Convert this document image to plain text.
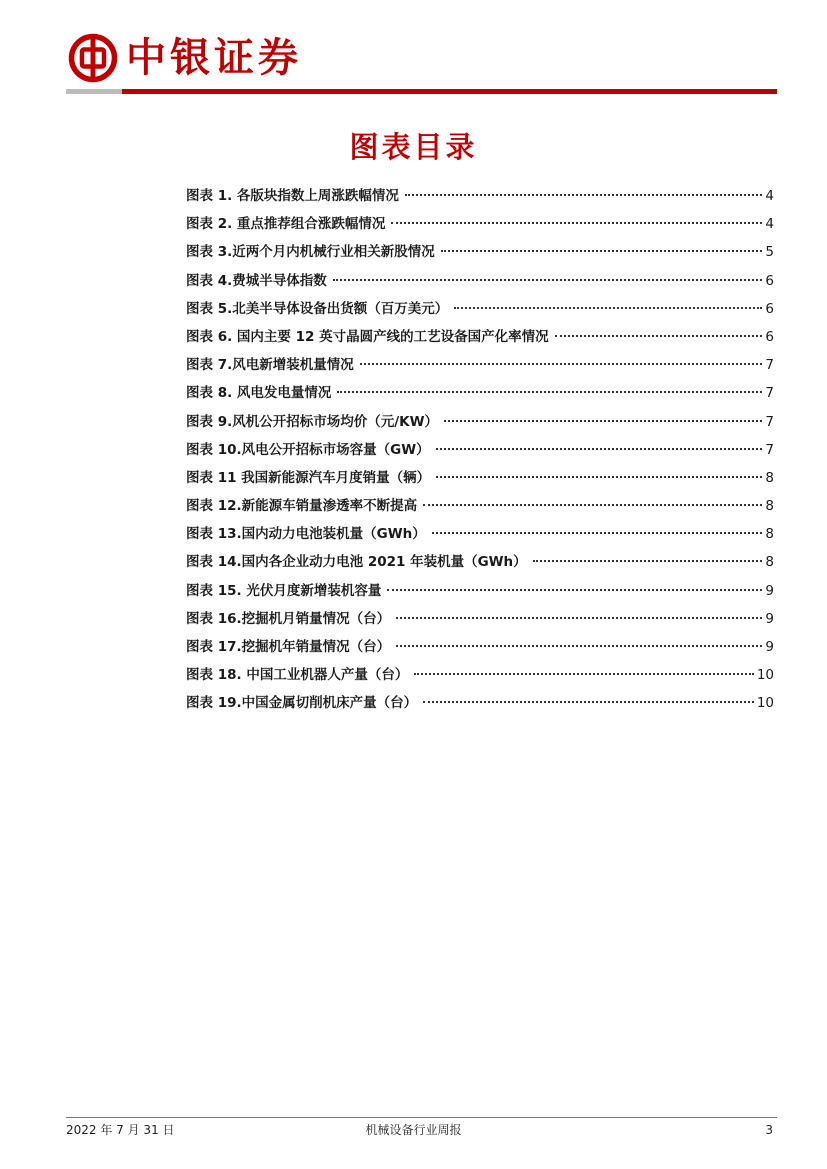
中银证券
图表目录
图表 1. 各版块指数上周涨跌幅情况	4
图表 2. 重点推荐组合涨跌幅情况	4
图表 3.近两个月内机械行业相关新股情况	5
图表 4.费城半导体指数	6
图表 5.北美半导体设备出货额（百万美元）	6
图表 6. 国内主要 12 英寸晶圆产线的工艺设备国产化率情况	6
图表 7.风电新增装机量情况	7
图表 8. 风电发电量情况	7
图表 9.风机公开招标市场均价（元/KW）	7
图表 10.风电公开招标市场容量（GW）	7
图表 11 我国新能源汽车月度销量（辆）	8
图表 12.新能源车销量渗透率不断提高	8
图表 13.国内动力电池装机量（GWh）	8
图表 14.国内各企业动力电池 2021 年装机量（GWh）	8
图表 15. 光伏月度新增装机容量	9
图表 16.挖掘机月销量情况（台）	9
图表 17.挖掘机年销量情况（台）	9
图表 18. 中国工业机器人产量（台）	10
图表 19.中国金属切削机床产量（台）	10
2022 年 7 月 31 日	机械设备行业周报	3
